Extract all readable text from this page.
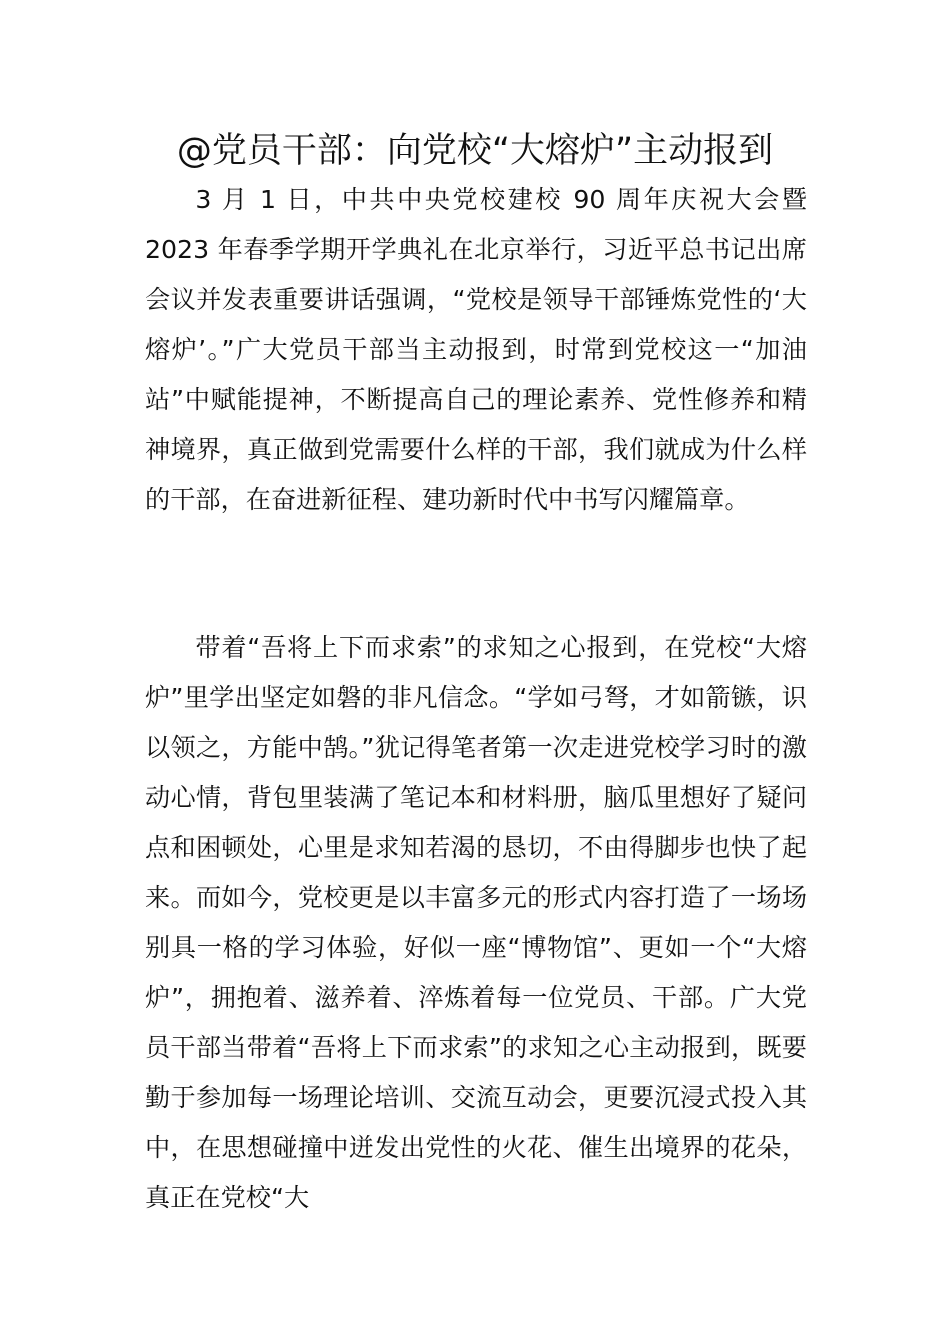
@党员干部：向党校“大熔炉”主动报到

3 月 1 日，中共中央党校建校 90 周年庆祝大会暨 2023 年春季学期开学典礼在北京举行，习近平总书记出席会议并发表重要讲话强调，“党校是领导干部锤炼党性的‘大熔炉’。”广大党员干部当主动报到，时常到党校这一“加油站”中赋能提神，不断提高自己的理论素养、党性修养和精神境界，真正做到党需要什么样的干部，我们就成为什么样的干部，在奋进新征程、建功新时代中书写闪耀篇章。

带着“吾将上下而求索”的求知之心报到，在党校“大熔炉”里学出坚定如磐的非凡信念。“学如弓弩，才如箭镞，识以领之，方能中鹄。”犹记得笔者第一次走进党校学习时的激动心情，背包里装满了笔记本和材料册，脑瓜里想好了疑问点和困顿处，心里是求知若渴的恳切，不由得脚步也快了起来。而如今，党校更是以丰富多元的形式内容打造了一场场别具一格的学习体验，好似一座“博物馆”、更如一个“大熔炉”，拥抱着、滋养着、淬炼着每一位党员、干部。广大党员干部当带着“吾将上下而求索”的求知之心主动报到，既要勤于参加每一场理论培训、交流互动会，更要沉浸式投入其中，在思想碰撞中迸发出党性的火花、催生出境界的花朵，真正在党校“大
